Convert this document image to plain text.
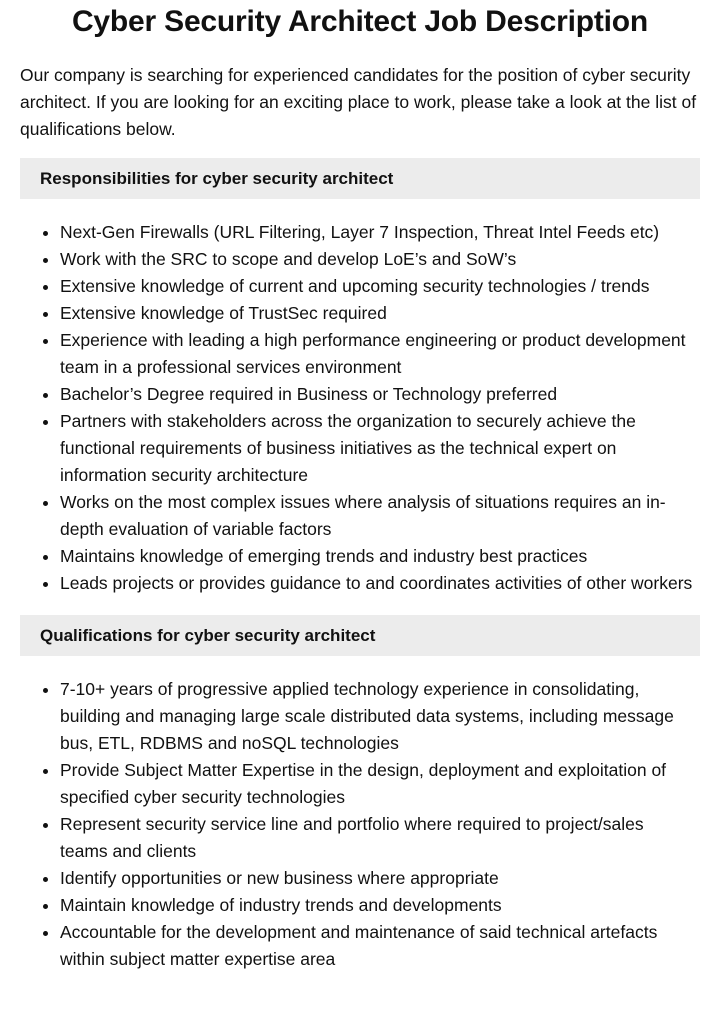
Cyber Security Architect Job Description

Our company is searching for experienced candidates for the position of cyber security architect. If you are looking for an exciting place to work, please take a look at the list of qualifications below.

Responsibilities for cyber security architect
• Next-Gen Firewalls (URL Filtering, Layer 7 Inspection, Threat Intel Feeds etc)
• Work with the SRC to scope and develop LoE’s and SoW’s
• Extensive knowledge of current and upcoming security technologies / trends
• Extensive knowledge of TrustSec required
• Experience with leading a high performance engineering or product development team in a professional services environment
• Bachelor’s Degree required in Business or Technology preferred
• Partners with stakeholders across the organization to securely achieve the functional requirements of business initiatives as the technical expert on information security architecture
• Works on the most complex issues where analysis of situations requires an in-depth evaluation of variable factors
• Maintains knowledge of emerging trends and industry best practices
• Leads projects or provides guidance to and coordinates activities of other workers
Qualifications for cyber security architect
• 7-10+ years of progressive applied technology experience in consolidating, building and managing large scale distributed data systems, including message bus, ETL, RDBMS and noSQL technologies
• Provide Subject Matter Expertise in the design, deployment and exploitation of specified cyber security technologies
• Represent security service line and portfolio where required to project/sales teams and clients
• Identify opportunities or new business where appropriate
• Maintain knowledge of industry trends and developments
• Accountable for the development and maintenance of said technical artefacts within subject matter expertise area
